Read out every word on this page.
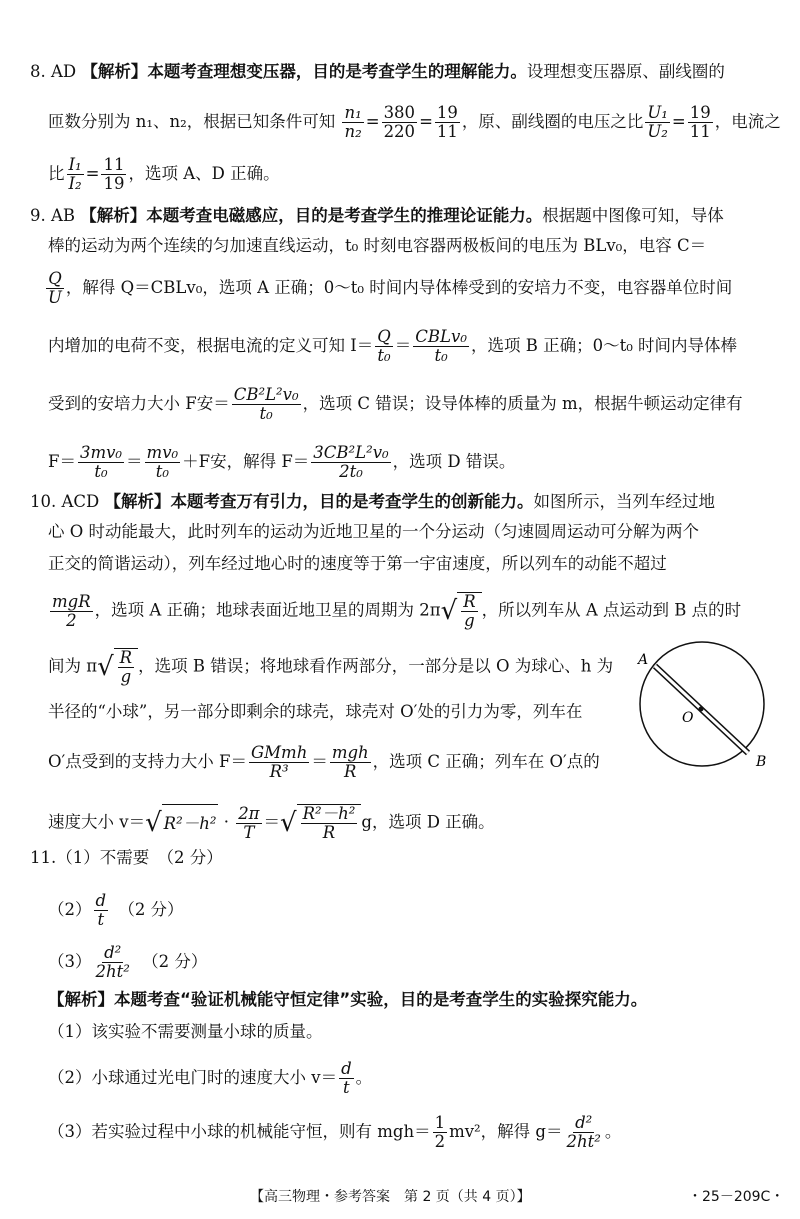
8. AD 【解析】本题考查理想变压器，目的是考查学生的理解能力。设理想变压器原、副线圈的
匝数分别为 n₁、n₂，根据已知条件可知 $\frac{\text{n₁}}{\text{n₂}} = \frac{380}{220} = \frac{19}{11}$ ，原、副线圈的电压之比 $\frac{\text{U₁}}{\text{U₂}} = \frac{19}{11}$ ，电流之
比 $\frac{\text{I₁}}{\text{I₂}} = \frac{11}{19}$ ，选项 A、D 正确。
9. AB 【解析】本题考查电磁感应，目的是考查学生的推理论证能力。根据题中图像可知，导体
棒的运动为两个连续的匀加速直线运动，t₀ 时刻电容器两极板间的电压为 BLv₀，电容 C＝
$\frac{Q}{U}$ ，解得 Q＝CBLv₀，选项 A 正确；0～t₀ 时间内导体棒受到的安培力不变，电容器单位时间
内增加的电荷不变，根据电流的定义可知 $I= \frac{Q}{\text{t₀}} = \frac{\text{CBLv₀}}{\text{t₀}}$ ，选项 B 正确；0～t₀ 时间内导体棒
受到的安培力大小 F安＝ $\frac{\text{CB²L²v₀}}{\text{t₀}}$ ，选项 C 错误；设导体棒的质量为 m，根据牛顿运动定律有
$F= \frac{\text{3mv₀}}{\text{t₀}} = \frac{\text{mv₀}}{\text{t₀}} +F$安，解得 $F= \frac{\text{3CB²L²v₀}}{\text{2t₀}}$ ，选项 D 错误。
10. ACD 【解析】本题考查万有引力，目的是考查学生的创新能力。如图所示，当列车经过地
心 O 时动能最大，此时列车的运动为近地卫星的一个分运动（匀速圆周运动可分解为两个
正交的简谐运动），列车经过地心时的速度等于第一宇宙速度，所以列车的动能不超过
$\frac{\text{mgR}}{2}$ ，选项 A 正确；地球表面近地卫星的周期为 2π √ $\frac{R}{g}$ ，所以列车从 A 点运动到 B 点的时
间为 π √ $\frac{R}{g}$ ，选项 B 错误；将地球看作两部分，一部分是以 O 为球心、h 为
半径的“小球”，另一部分即剩余的球壳，球壳对 O′处的引力为零，列车在
O′点受到的支持力大小 $F= \frac{\text{GMmh}}{\text{R³}} = \frac{\text{mgh}}{R}$ ，选项 C 正确；列车在 O′点的
速度大小 v＝ √ $R^2-h^2 \cdot \frac{2\pi}{T}$ ＝ √ $\frac{\text{R²－h²}}{R}$ g，选项 D 正确。
A
B
O
11.（1）不需要　（2 分）
$(2) \frac{d}{t}$
　 （2 分）
$(3) \frac{\text{d²}}{\text{2ht²}}$
　 （2 分）
【解析】本题考查“验证机械能守恒定律”实验，目的是考查学生的实验探究能力。
（1）该实验不需要测量小球的质量。
（2）小球通过光电门时的速度大小 $v= \frac{d}{t}$ 。
（3）若实验过程中小球的机械能守恒，则有 $mgh= \frac{1}{2} mv^2$，解得 $g= \frac{\text{d²}}{\text{2ht²}}$ 。
【高三物理・参考答案　第 2 页（共 4 页）】	・25－209C・
